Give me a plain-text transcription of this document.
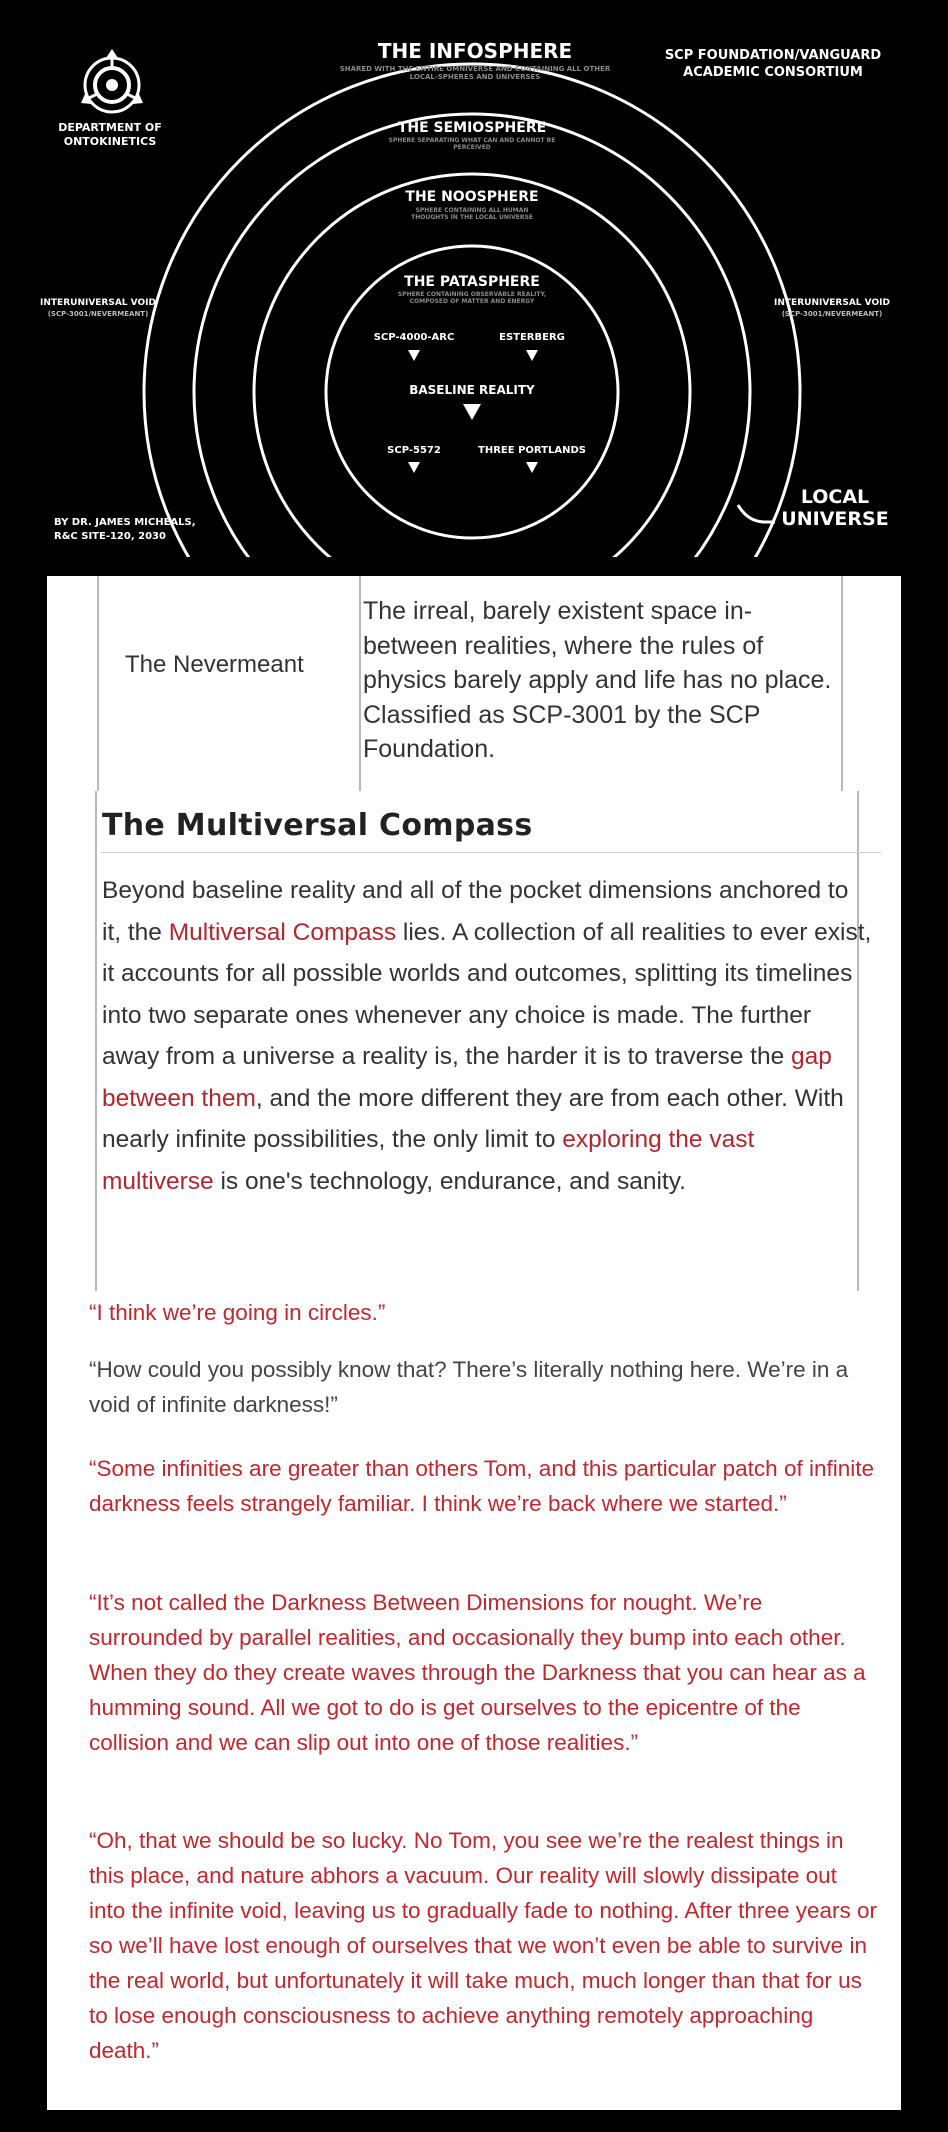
THE INFOSPHERE
SHARED WITH THE ENTIRE OMNIVERSE AND CONTAINING ALL OTHER LOCAL-SPHERES AND UNIVERSES
SCP FOUNDATION/VANGUARD
ACADEMIC CONSORTIUM
DEPARTMENT OF
ONTOKINETICS
THE SEMIOSPHERE
SPHERE SEPARATING WHAT CAN AND CANNOT BE PERCEIVED
THE NOOSPHERE
SPHERE CONTAINING ALL HUMAN THOUGHTS IN THE LOCAL UNIVERSE
THE PATASPHERE
SPHERE CONTAINING OBSERVABLE REALITY, COMPOSED OF MATTER AND ENERGY
INTERUNIVERSAL VOID
(SCP-3001/NEVERMEANT)
INTERUNIVERSAL VOID
(SCP-3001/NEVERMEANT)
SCP-4000-ARC	ESTERBERG
BASELINE REALITY
SCP-5572	THREE PORTLANDS
BY DR. JAMES MICHEALS,
R&C SITE-120, 2030
LOCAL
UNIVERSE
The Nevermeant
The irreal, barely existent space in-between realities, where the rules of physics barely apply and life has no place. Classified as SCP-3001 by the SCP Foundation.
The Multiversal Compass
Beyond baseline reality and all of the pocket dimensions anchored to it, the Multiversal Compass lies. A collection of all realities to ever exist, it accounts for all possible worlds and outcomes, splitting its timelines into two separate ones whenever any choice is made. The further away from a universe a reality is, the harder it is to traverse the gap between them, and the more different they are from each other. With nearly infinite possibilities, the only limit to exploring the vast multiverse is one's technology, endurance, and sanity.
“I think we’re going in circles.”
“How could you possibly know that? There’s literally nothing here. We’re in a void of infinite darkness!”
“Some infinities are greater than others Tom, and this particular patch of infinite darkness feels strangely familiar. I think we’re back where we started.”
“It’s not called the Darkness Between Dimensions for nought. We’re surrounded by parallel realities, and occasionally they bump into each other. When they do they create waves through the Darkness that you can hear as a humming sound. All we got to do is get ourselves to the epicentre of the collision and we can slip out into one of those realities.”
“Oh, that we should be so lucky. No Tom, you see we’re the realest things in this place, and nature abhors a vacuum. Our reality will slowly dissipate out into the infinite void, leaving us to gradually fade to nothing. After three years or so we’ll have lost enough of ourselves that we won’t even be able to survive in the real world, but unfortunately it will take much, much longer than that for us to lose enough consciousness to achieve anything remotely approaching death.”
